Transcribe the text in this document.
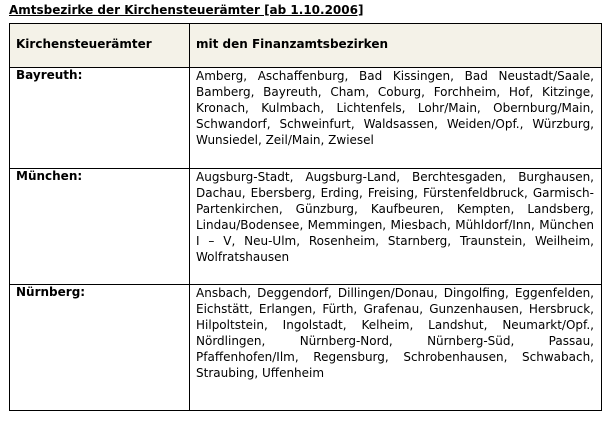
Amtsbezirke der Kirchensteuerämter [ab 1.10.2006]
Kirchensteuerämter	mit den Finanzamtsbezirken
Bayreuth:	Amberg, Aschaffenburg, Bad Kissingen, Bad Neustadt/Saale, Bamberg, Bayreuth, Cham, Coburg, Forchheim, Hof, Kitzinge, Kronach, Kulmbach, Lichtenfels, Lohr/Main, Obernburg/Main, Schwandorf, Schweinfurt, Waldsassen, Weiden/Opf., Würzburg, Wunsiedel, Zeil/Main, Zwiesel
München:	Augsburg-Stadt, Augsburg-Land, Berchtesgaden, Burghausen, Dachau, Ebersberg, Erding, Freising, Fürstenfeldbruck, Garmisch-Partenkirchen, Günzburg, Kaufbeuren, Kempten, Landsberg, Lindau/Bodensee, Memmingen, Miesbach, Mühldorf/Inn, München I – V, Neu-Ulm, Rosenheim, Starnberg, Traunstein, Weilheim, Wolfratshausen
Nürnberg:	Ansbach, Deggendorf, Dillingen/Donau, Dingolfing, Eggenfelden, Eichstätt, Erlangen, Fürth, Grafenau, Gunzenhausen, Hersbruck, Hilpoltstein, Ingolstadt, Kelheim, Landshut, Neumarkt/Opf., Nördlingen, Nürnberg-Nord, Nürnberg-Süd, Passau, Pfaffenhofen/Ilm, Regensburg, Schrobenhausen, Schwabach, Straubing, Uffenheim
